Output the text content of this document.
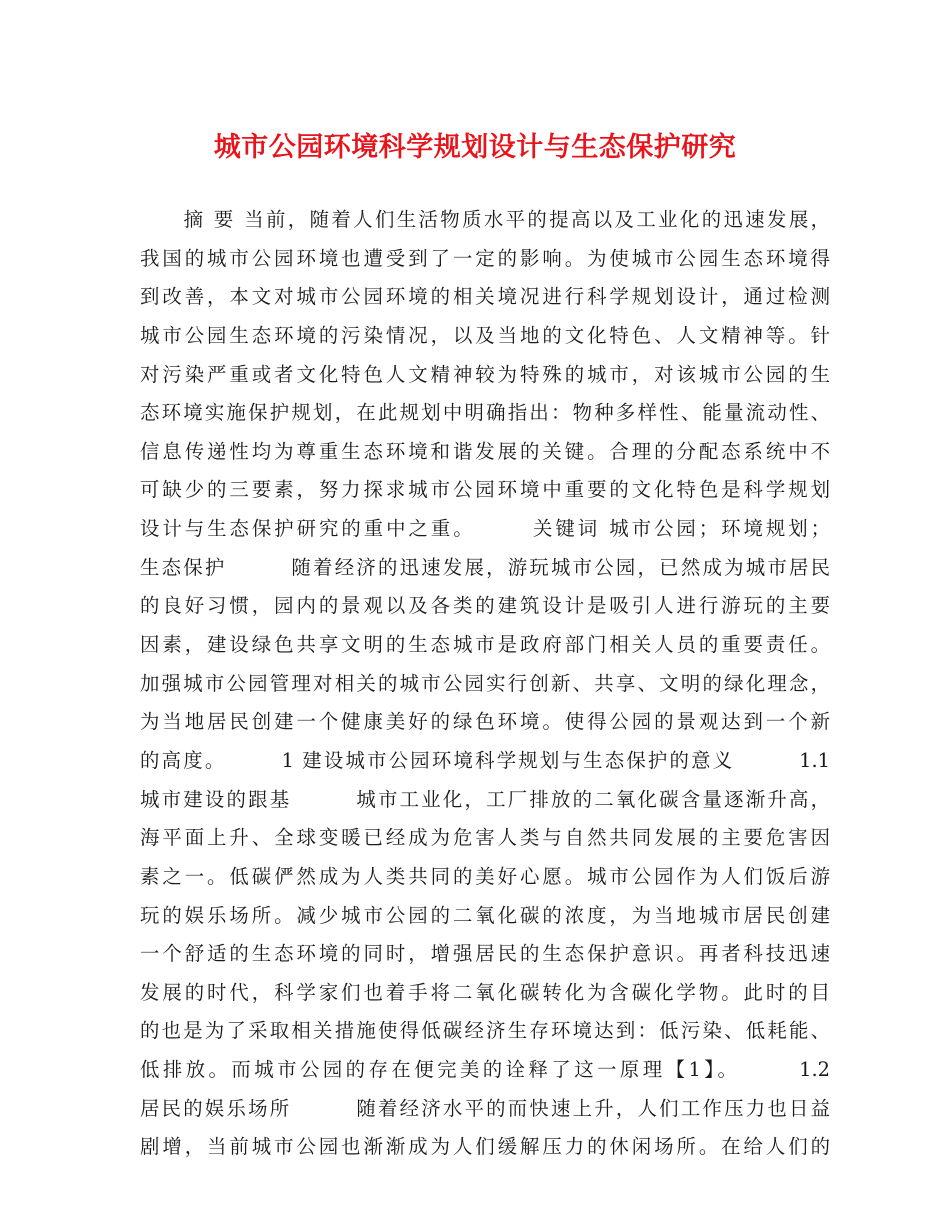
城市公园环境科学规划设计与生态保护研究
　　摘 要 当前，随着人们生活物质水平的提高以及工业化的迅速发展，
我国的城市公园环境也遭受到了一定的影响。为使城市公园生态环境得
到改善，本文对城市公园环境的相关境况进行科学规划设计，通过检测
城市公园生态环境的污染情况，以及当地的文化特色、人文精神等。针
对污染严重或者文化特色人文精神较为特殊的城市，对该城市公园的生
态环境实施保护规划，在此规划中明确指出：物种多样性、能量流动性、
信息传递性均为尊重生态环境和谐发展的关键。合理的分配态系统中不
可缺少的三要素，努力探求城市公园环境中重要的文化特色是科学规划
设计与生态保护研究的重中之重。　　　关键词 城市公园；环境规划；
生态保护　　　随着经济的迅速发展，游玩城市公园，已然成为城市居民
的良好习惯，园内的景观以及各类的建筑设计是吸引人进行游玩的主要
因素，建设绿色共享文明的生态城市是政府部门相关人员的重要责任。
加强城市公园管理对相关的城市公园实行创新、共享、文明的绿化理念，
为当地居民创建一个健康美好的绿色环境。使得公园的景观达到一个新
的高度。　　　1 建设城市公园环境科学规划与生态保护的意义　　　1.1
城市建设的跟基　　　城市工业化，工厂排放的二氧化碳含量逐渐升高，
海平面上升、全球变暖已经成为危害人类与自然共同发展的主要危害因
素之一。低碳俨然成为人类共同的美好心愿。城市公园作为人们饭后游
玩的娱乐场所。减少城市公园的二氧化碳的浓度，为当地城市居民创建
一个舒适的生态环境的同时，增强居民的生态保护意识。再者科技迅速
发展的时代，科学家们也着手将二氧化碳转化为含碳化学物。此时的目
的也是为了采取相关措施使得低碳经济生存环境达到：低污染、低耗能、
低排放。而城市公园的存在便完美的诠释了这一原理【1】。　　　1.2
居民的娱乐场所　　　随着经济水平的而快速上升，人们工作压力也日益
剧增，当前城市公园也渐渐成为人们缓解压力的休闲场所。在给人们的
